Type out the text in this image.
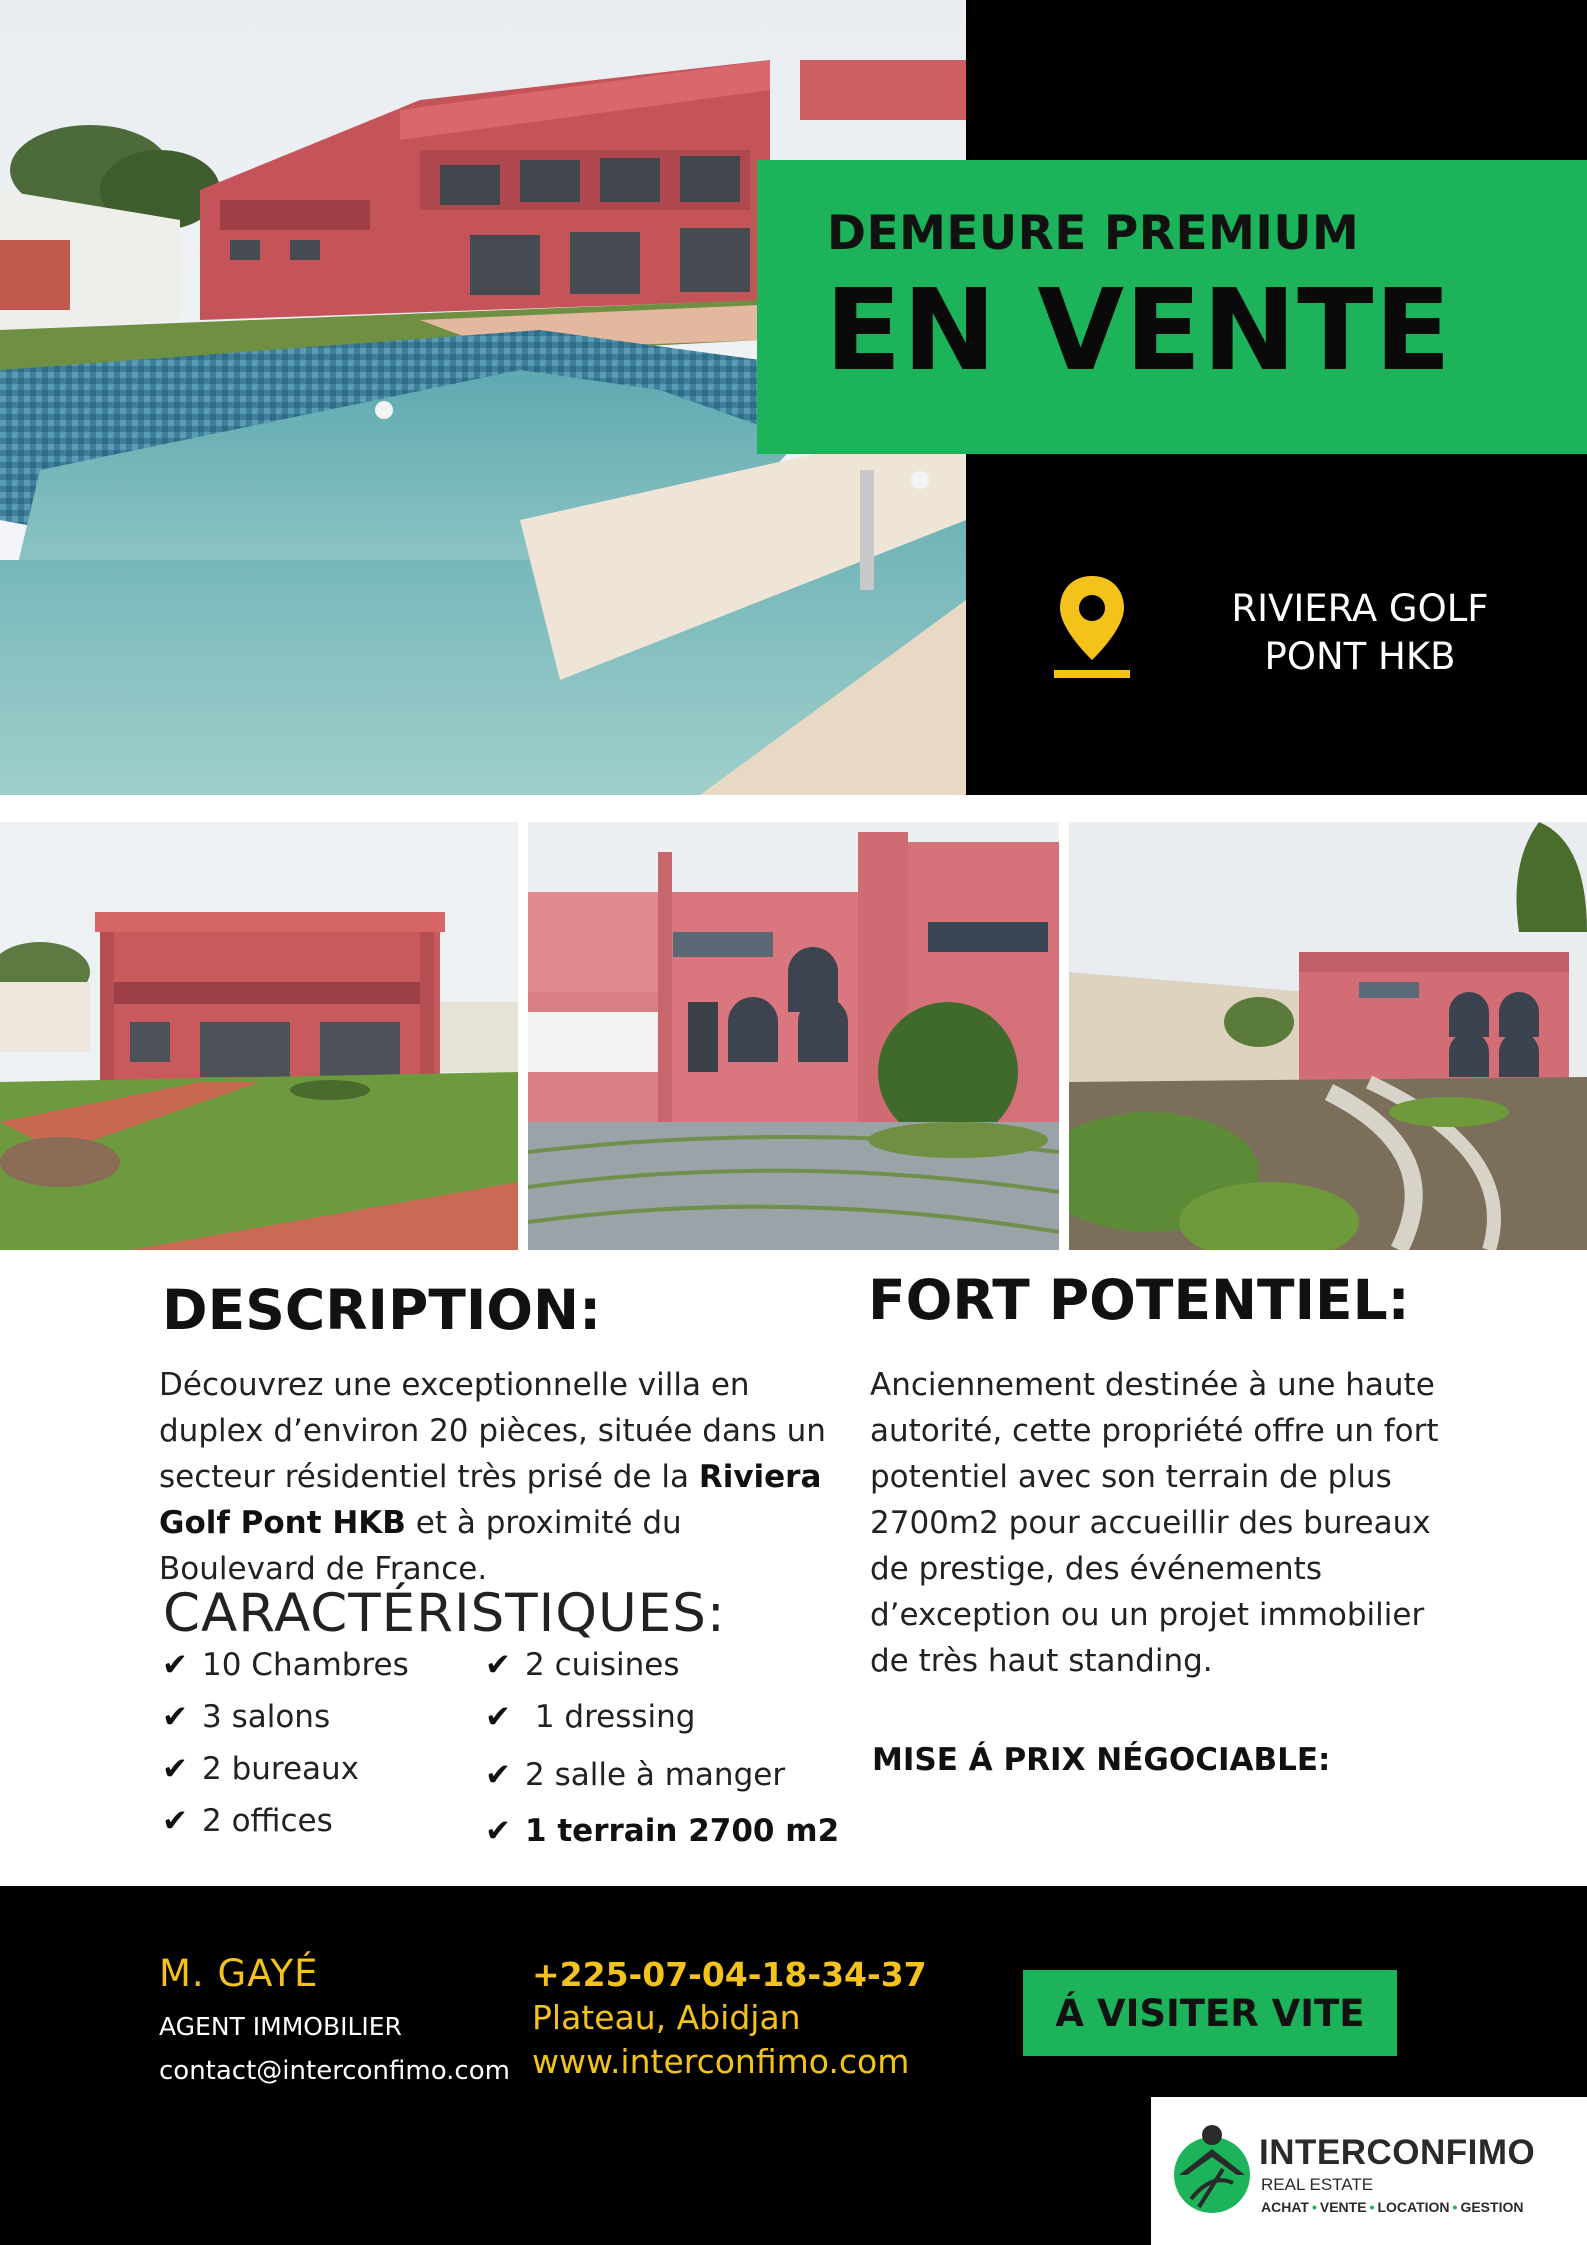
DEMEURE PREMIUM
EN VENTE
RIVIERA GOLF
PONT HKB
DESCRIPTION:
Découvrez une exceptionnelle villa en duplex d’environ 20 pièces, située dans un secteur résidentiel très prisé de la Riviera Golf Pont HKB et à proximité du Boulevard de France.
CARACTÉRISTIQUES:
✔ 10 Chambres
✔ 3 salons
✔ 2 bureaux
✔ 2 offices
✔ 2 cuisines
✔ 1 dressing
✔ 2 salle à manger
✔ 1 terrain 2700 m2
FORT POTENTIEL:
Anciennement destinée à une haute autorité, cette propriété offre un fort potentiel avec son terrain de plus 2700m2 pour accueillir des bureaux de prestige, des événements d’exception ou un projet immobilier de très haut standing.
MISE Á PRIX NÉGOCIABLE:
M. GAYÉ
AGENT IMMOBILIER
contact@interconfimo.com
+225-07-04-18-34-37
Plateau, Abidjan
www.interconfimo.com
Á VISITER VITE
INTERCONFIMO
REAL ESTATE
ACHAT • VENTE • LOCATION • GESTION
